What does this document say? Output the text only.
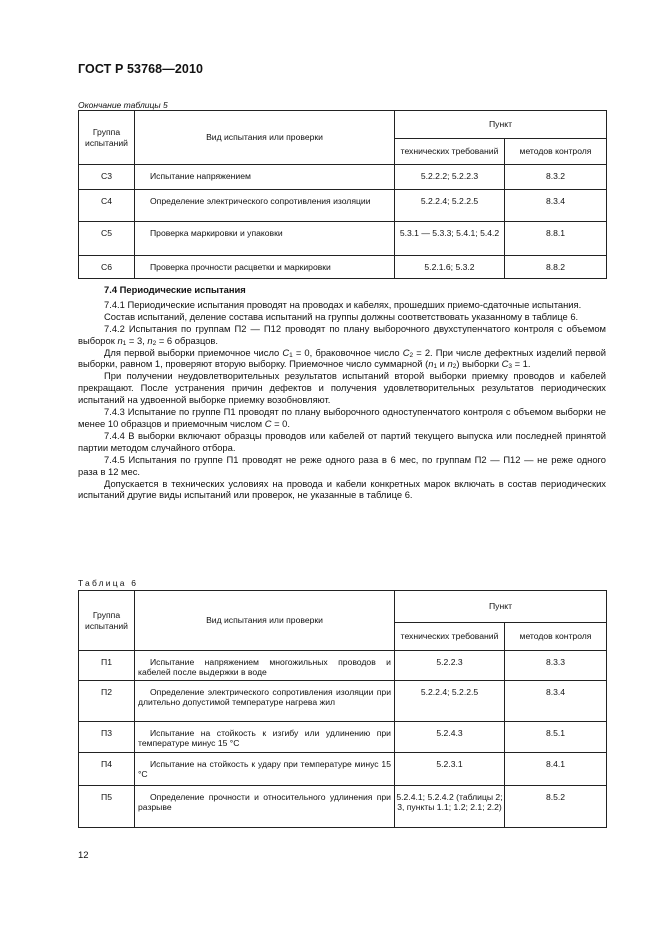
ГОСТ Р 53768—2010
Окончание таблицы 5
Группа испытаний	Вид испытания или проверки	Пункт	
		технических требований	методов контроля

С3	Испытание напряжением	5.2.2.2; 5.2.2.3	8.3.2

С4	Определение электрического сопротивления изоляции	5.2.2.4; 5.2.2.5	8.3.4

С5	Проверка маркировки и упаковки	5.3.1 — 5.3.3; 5.4.1; 5.4.2	8.8.1

С6	Проверка прочности расцветки и маркировки	5.2.1.6; 5.3.2	8.8.2
7.4 Периодические испытания

7.4.1 Периодические испытания проводят на проводах и кабелях, прошедших приемо-сдаточные испытания.

Состав испытаний, деление состава испытаний на группы должны соответствовать указанному в таблице 6.

7.4.2 Испытания по группам П2 — П12 проводят по плану выборочного двухступенчатого контроля с объемом выборок $n_1 = 3$, $n_2 = 6$ образцов.

Для первой выборки приемочное число $C_1 = 0$, браковочное число $C_2 = 2$. При числе дефектных изделий первой выборки, равном 1, проверяют вторую выборку. Приемочное число суммарной ($n_1$ и $n_2$) выборки $C_3 = 1$.

При получении неудовлетворительных результатов испытаний второй выборки приемку проводов и кабелей прекращают. После устранения причин дефектов и получения удовлетворительных результатов периодических испытаний на удвоенной выборке приемку возобновляют.

7.4.3 Испытание по группе П1 проводят по плану выборочного одноступенчатого контроля с объемом выборки не менее 10 образцов и приемочным числом C = 0.

7.4.4 В выборки включают образцы проводов или кабелей от партий текущего выпуска или последней принятой партии методом случайного отбора.

7.4.5 Испытания по группе П1 проводят не реже одного раза в 6 мес, по группам П2 — П12 — не реже одного раза в 12 мес.

Допускается в технических условиях на провода и кабели конкретных марок включать в состав периодических испытаний другие виды испытаний или проверок, не указанные в таблице 6.

Таблица 6
Группа испытаний	Вид испытания или проверки	Пункт	
		технических требований	методов контроля

П1	Испытание напряжением многожильных проводов и кабелей после выдержки в воде	5.2.2.3	8.3.3

П2	Определение электрического сопротивления изоляции при длительно допустимой температуре нагрева жил	5.2.2.4; 5.2.2.5	8.3.4

П3	Испытание на стойкость к изгибу или удлинению при температуре минус 15 °С	5.2.4.3	8.5.1

П4	Испытание на стойкость к удару при температуре минус 15 °С	5.2.3.1	8.4.1

П5	Определение прочности и относительного удлинения при разрыве	5.2.4.1; 5.2.4.2 (таблицы 2; 3, пункты 1.1; 1.2; 2.1; 2.2)	8.5.2
12
